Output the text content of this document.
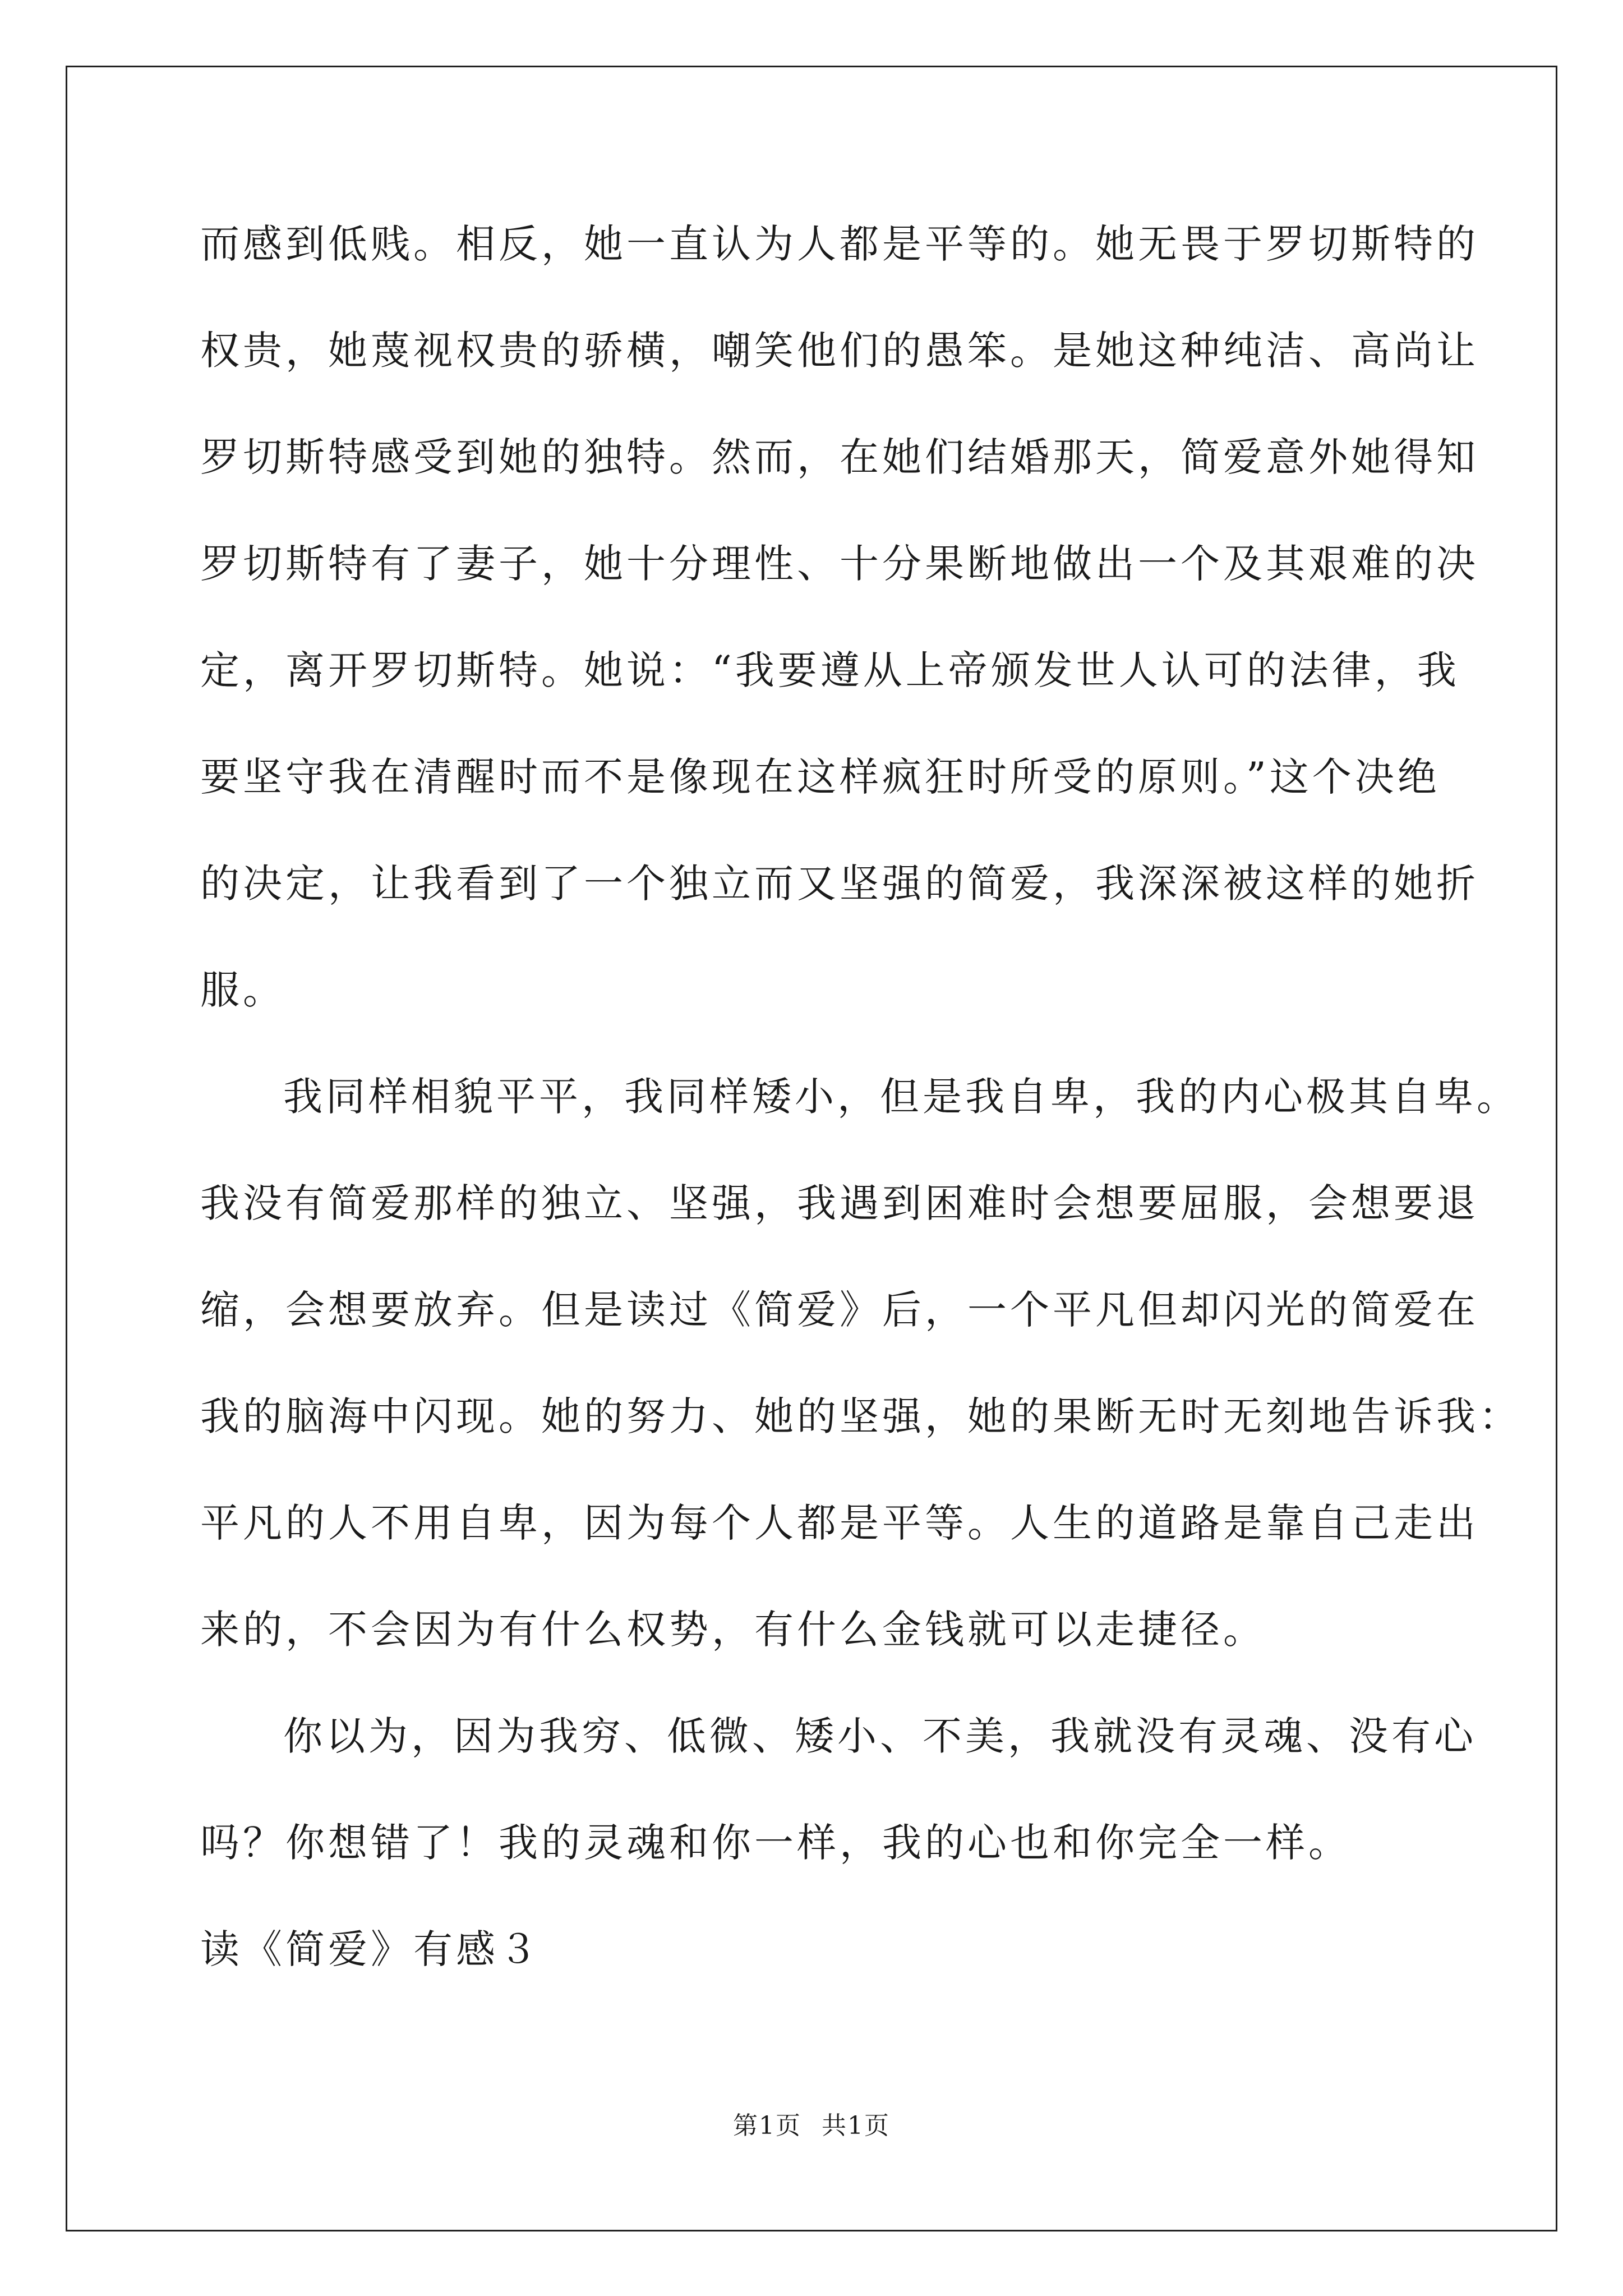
而感到低贱。相反，她一直认为人都是平等的。她无畏于罗切斯特的
权贵，她蔑视权贵的骄横，嘲笑他们的愚笨。是她这种纯洁、高尚让
罗切斯特感受到她的独特。然而，在她们结婚那天，简爱意外她得知
罗切斯特有了妻子，她十分理性、十分果断地做出一个及其艰难的决
定，离开罗切斯特。她说：“我要遵从上帝颁发世人认可的法律，我
要坚守我在清醒时而不是像现在这样疯狂时所受的原则。”这个决绝
的决定，让我看到了一个独立而又坚强的简爱，我深深被这样的她折
服。
我同样相貌平平，我同样矮小，但是我自卑，我的内心极其自卑。
我没有简爱那样的独立、坚强，我遇到困难时会想要屈服，会想要退
缩，会想要放弃。但是读过《简爱》后，一个平凡但却闪光的简爱在
我的脑海中闪现。她的努力、她的坚强，她的果断无时无刻地告诉我：
平凡的人不用自卑，因为每个人都是平等。人生的道路是靠自己走出
来的，不会因为有什么权势，有什么金钱就可以走捷径。
你以为，因为我穷、低微、矮小、不美，我就没有灵魂、没有心
吗？你想错了！我的灵魂和你一样，我的心也和你完全一样。
读《简爱》有感３
第1页 共1页
